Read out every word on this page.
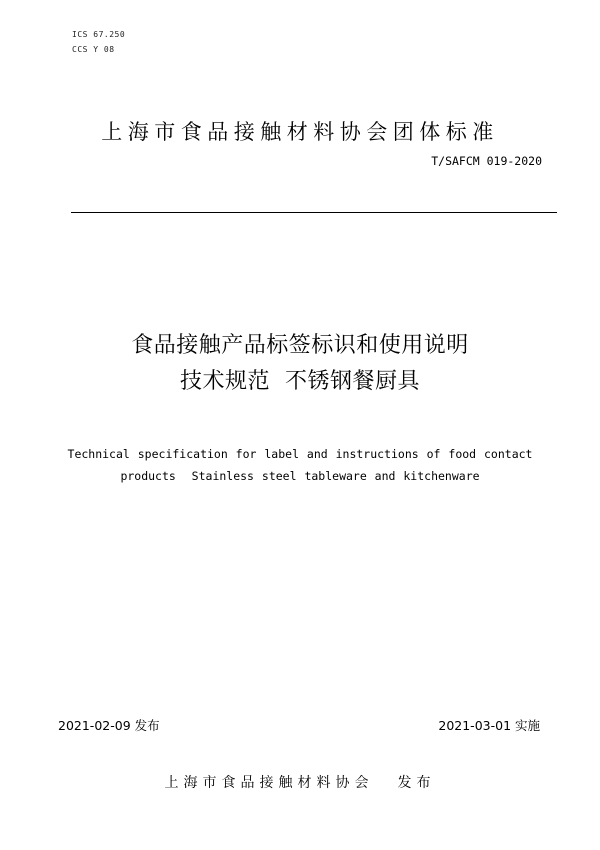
ICS 67.250
CCS Y 08
上海市食品接触材料协会团体标准
T/SAFCM 019-2020
食品接触产品标签标识和使用说明
技术规范  不锈钢餐厨具
Technical specification for label and instructions of food contact
products  Stainless steel tableware and kitchenware
2021-02-09 发布	2021-03-01 实施
上海市食品接触材料协会 发布
